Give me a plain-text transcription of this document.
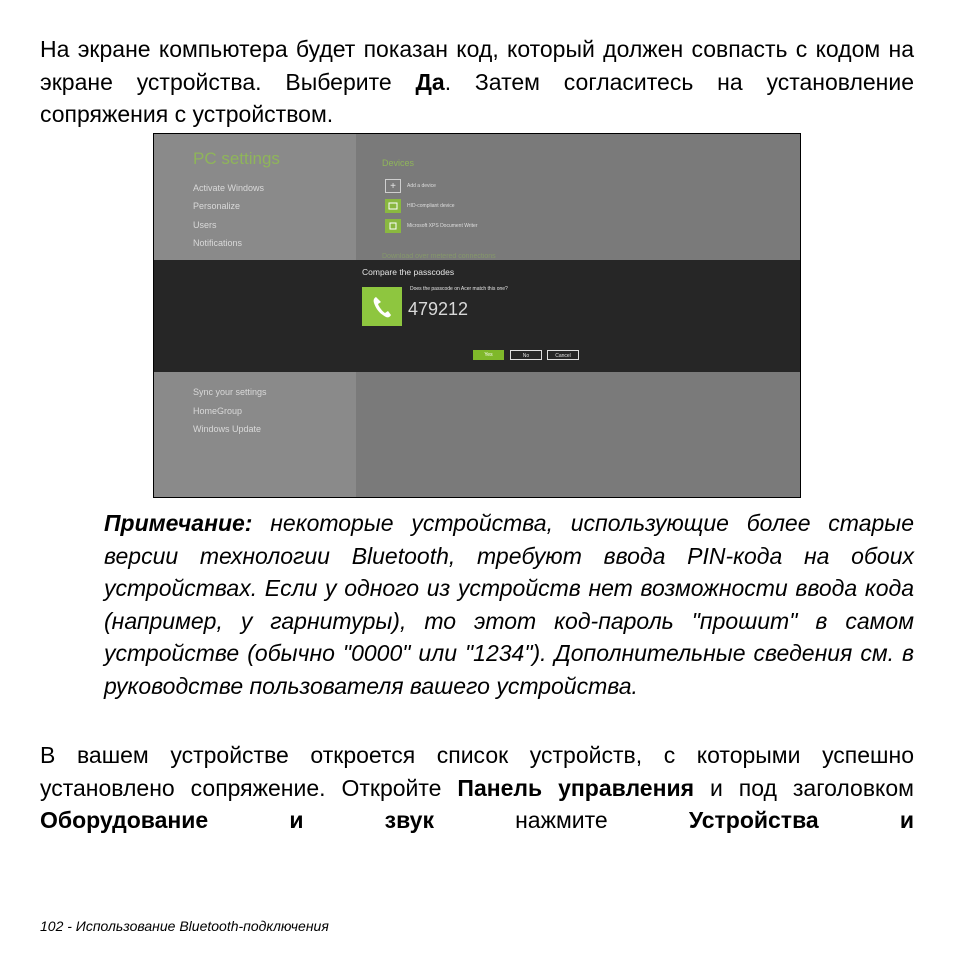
На экране компьютера будет показан код, который должен совпасть с кодом на экране устройства. Выберите Да. Затем согласитесь на установление сопряжения с устройством.

PC settings
Activate Windows
Personalize
Users
Notifications
Sync your settings
HomeGroup
Windows Update
Devices
+	Add a device
HID-compliant device
Microsoft XPS Document Writer
Download over metered connections
Compare the passcodes
Does the passcode on Acer match this one?
479212
Yes	No	Cancel

Примечание: некоторые устройства, использующие более старые версии технологии Bluetooth, требуют ввода PIN-кода на обоих устройствах. Если у одного из устройств нет возможности ввода кода (например, у гарнитуры), то этот код-пароль "прошит" в самом устройстве (обычно "0000" или "1234"). Дополнительные сведения см. в руководстве пользователя вашего устройства.

В вашем устройстве откроется список устройств, с которыми успешно установлено сопряжение. Откройте Панель управления и под заголовком Оборудование и звук нажмите Устройства и

102 - Использование Bluetooth-подключения
